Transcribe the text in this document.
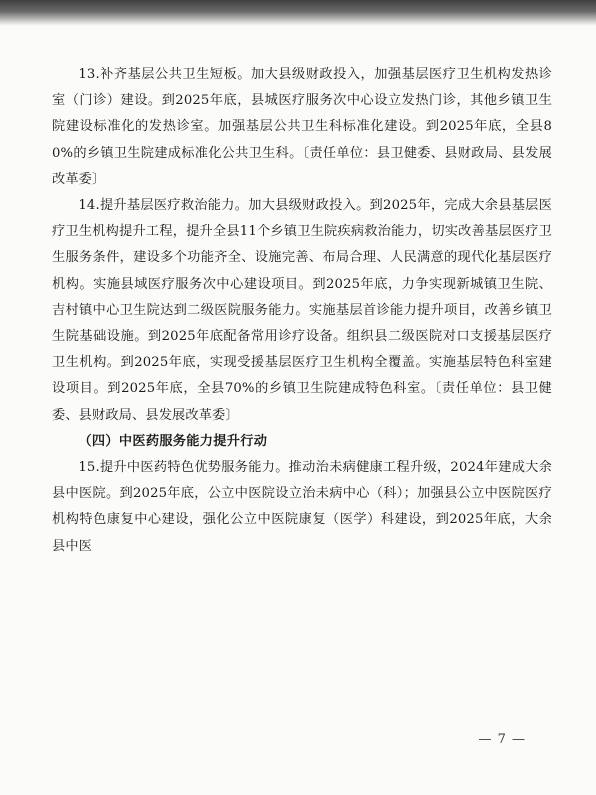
13.补齐基层公共卫生短板。加大县级财政投入，加强基层医疗卫生机构发热诊室（门诊）建设。到2025年底，县城医疗服务次中心设立发热门诊，其他乡镇卫生院建设标准化的发热诊室。加强基层公共卫生科标准化建设。到2025年底，全县80%的乡镇卫生院建成标准化公共卫生科。〔责任单位：县卫健委、县财政局、县发展改革委〕

14.提升基层医疗救治能力。加大县级财政投入。到2025年，完成大余县基层医疗卫生机构提升工程，提升全县11个乡镇卫生院疾病救治能力，切实改善基层医疗卫生服务条件，建设多个功能齐全、设施完善、布局合理、人民满意的现代化基层医疗机构。实施县域医疗服务次中心建设项目。到2025年底，力争实现新城镇卫生院、吉村镇中心卫生院达到二级医院服务能力。实施基层首诊能力提升项目，改善乡镇卫生院基础设施。到2025年底配备常用诊疗设备。组织县二级医院对口支援基层医疗卫生机构。到2025年底，实现受援基层医疗卫生机构全覆盖。实施基层特色科室建设项目。到2025年底，全县70%的乡镇卫生院建成特色科室。〔责任单位：县卫健委、县财政局、县发展改革委〕

（四）中医药服务能力提升行动

15.提升中医药特色优势服务能力。推动治未病健康工程升级，2024年建成大余县中医院。到2025年底，公立中医院设立治未病中心（科）；加强县公立中医院医疗机构特色康复中心建设，强化公立中医院康复（医学）科建设，到2025年底，大余县中医

— 7 —
